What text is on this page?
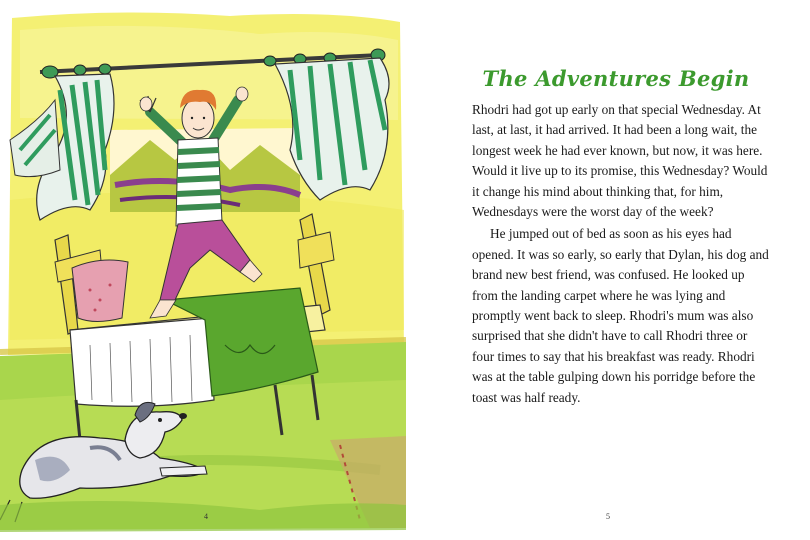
4
The Adventures Begin

Rhodri had got up early on that special Wednesday. At last, at last, it had arrived. It had been a long wait, the longest week he had ever known, but now, it was here. Would it live up to its promise, this Wednesday? Would it change his mind about thinking that, for him, Wednesdays were the worst day of the week?

He jumped out of bed as soon as his eyes had opened. It was so early, so early that Dylan, his dog and brand new best friend, was confused. He looked up from the landing carpet where he was lying and promptly went back to sleep. Rhodri's mum was also surprised that she didn't have to call Rhodri three or four times to say that his breakfast was ready. Rhodri was at the table gulping down his porridge before the toast was half ready.

5
